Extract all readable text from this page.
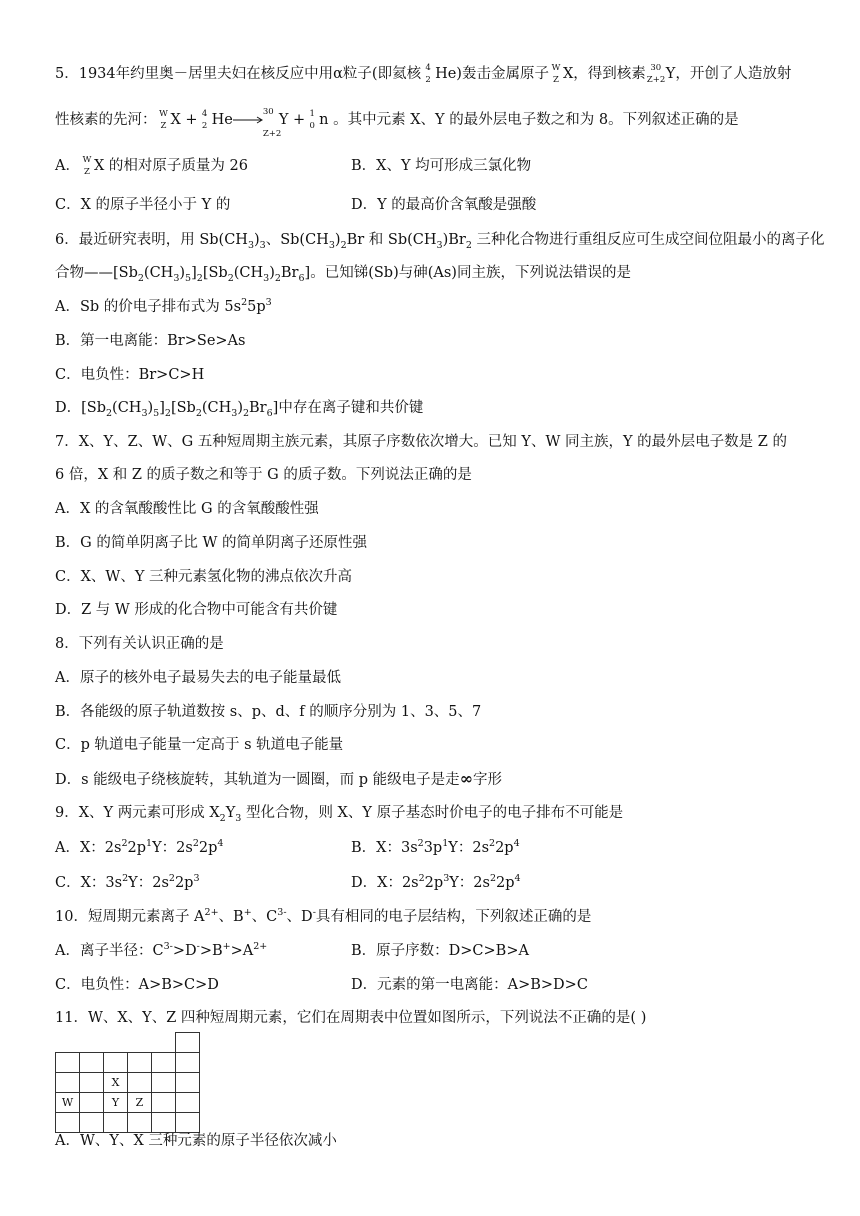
5．1934年约里奥－居里夫妇在核反应中用α粒子(即氦核 4
2 He)轰击金属原子 W
Z X，得到核素 30
Z+2 Y，开创了人造放射
性核素的先河： W
Z X + 4
2 He	30
Z+2
Y + 1
0 n 。其中元素 X、Y 的最外层电子数之和为 8。下列叙述正确的是
A． W
Z X 的相对原子质量为 26	B．X、Y 均可形成三氯化物
C．X 的原子半径小于 Y 的	D．Y 的最高价含氧酸是强酸
6．最近研究表明，用 $Sb(CH_3)_3$、$Sb(CH_3)_2Br$ 和 $Sb(CH_3)Br_2$ 三种化合物进行重组反应可生成空间位阻最小的离子化
合物$——[Sb_2(CH_3)_5]_2[Sb_2(CH_3)_2Br_6]$。已知锑(Sb)与砷(As)同主族，下列说法错误的是
A．Sb 的价电子排布式为 $5s^25p^3$
B．第一电离能：Br>Se>As
C．电负性：Br>C>H
D．$[Sb_2(CH_3)_5]_2[Sb_2(CH_3)_2Br_6]$中存在离子键和共价键
7．X、Y、Z、W、G 五种短周期主族元素，其原子序数依次增大。已知 Y、W 同主族，Y 的最外层电子数是 Z 的
6 倍，X 和 Z 的质子数之和等于 G 的质子数。下列说法正确的是
A．X 的含氧酸酸性比 G 的含氧酸酸性强
B．G 的简单阴离子比 W 的简单阴离子还原性强
C．X、W、Y 三种元素氢化物的沸点依次升高
D．Z 与 W 形成的化合物中可能含有共价键
8．下列有关认识正确的是
A．原子的核外电子最易失去的电子能量最低
B．各能级的原子轨道数按 s、p、d、f 的顺序分别为 1、3、5、7
C．p 轨道电子能量一定高于 s 轨道电子能量
D．s 能级电子绕核旋转，其轨道为一圆圈，而 p 能级电子是走∞字形
9．X、Y 两元素可形成 $X_2Y_3$ 型化合物，则 X、Y 原子基态时价电子的电子排布不可能是
A．X：$2s^22p^1Y$：$2s^22p^4$	B．X：$3s^23p^1Y$：$2s^22p^4$
C．X：$3s^2Y$：$2s^22p^3$	D．X：$2s^22p^3Y$：$2s^22p^4$
10．短周期元素离子 $A^{2+}$、B+、$C^{3-}$、D-具有相同的电子层结构，下列叙述正确的是
A．离子半径：$C^{3-}>D^->B^+>A^{2+}$	B．原子序数：D>C>B>A
C．电负性：A>B>C>D	D．元素的第一电离能：A>B>D>C
11．W、X、Y、Z 四种短周期元素，它们在周期表中位置如图所示，下列说法不正确的是( )

		X			
W		Y	Z		

A．W、Y、X 三种元素的原子半径依次减小
